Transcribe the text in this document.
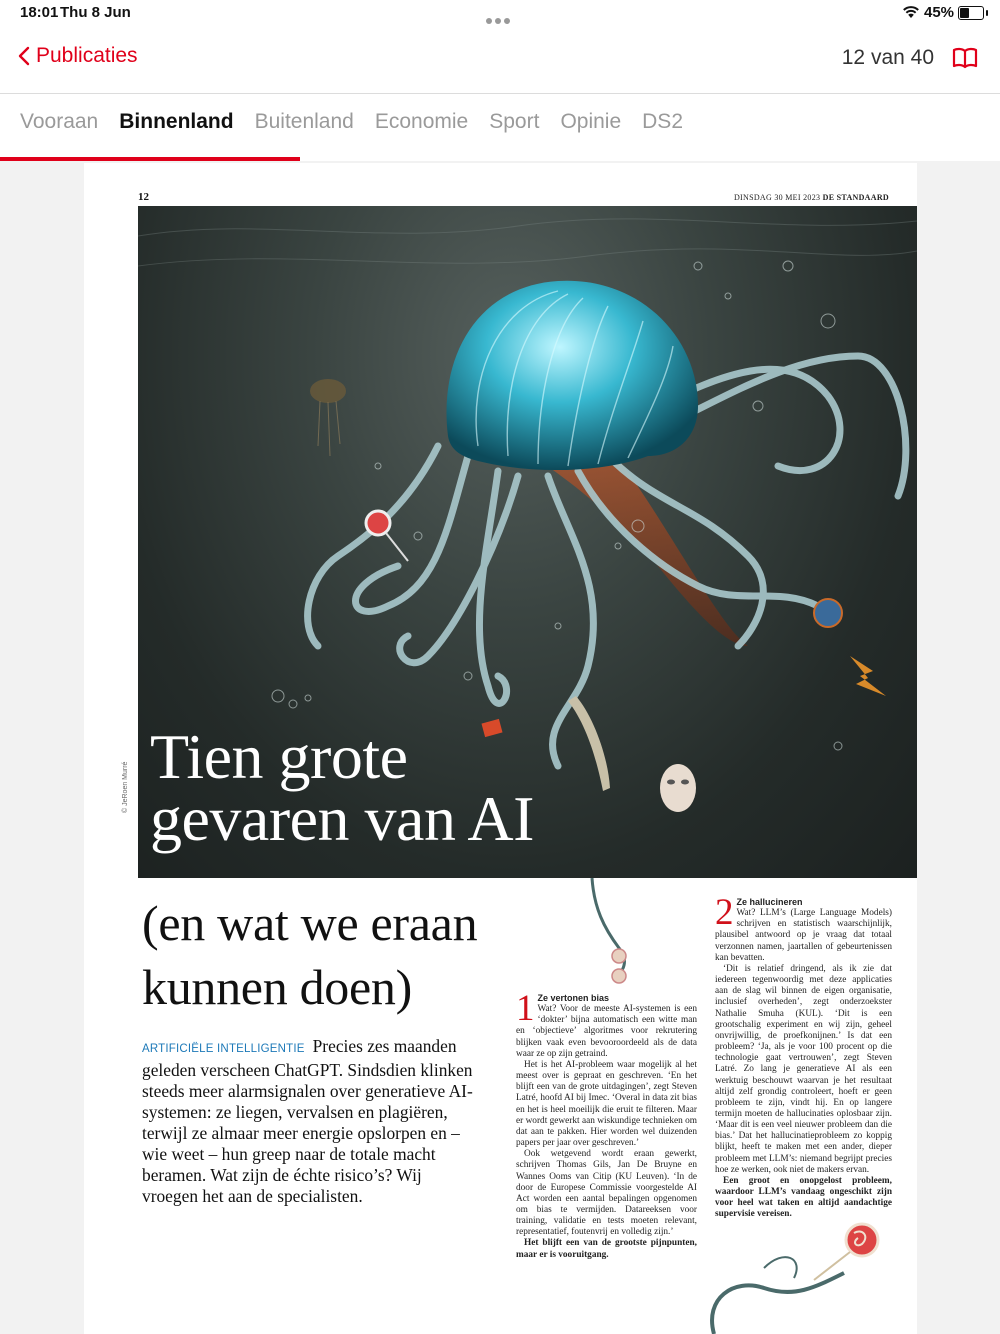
18:01 Thu 8 Jun	45%
Publicaties	12 van 40
Vooraan Binnenland Buitenland Economie Sport Opinie DS2
12	DINSDAG 30 MEI 2023 DE STANDAARD
Tien grote
gevaren van AI
© JeRoen Murré
(en wat we eraan
kunnen doen)
ARTIFICIËLE INTELLIGENTIE Precies zes maanden geleden verscheen ChatGPT. Sindsdien klinken steeds meer alarmsignalen over generatieve AI-systemen: ze liegen, vervalsen en plagiëren, terwijl ze almaar meer energie opslorpen en – wie weet – hun greep naar de totale macht beramen. Wat zijn de échte risico’s? Wij vroegen het aan de specialisten.
1 Ze vertonen bias

Wat? Voor de meeste AI-systemen is een ‘dokter’ bijna automatisch een witte man en ‘objectieve’ algoritmes voor rekrutering blijken vaak even bevooroordeeld als de data waar ze op zijn getraind.

Het is het AI-probleem waar mogelijk al het meest over is gepraat en geschreven. ‘En het blijft een van de grote uitdagingen’, zegt Steven Latré, hoofd AI bij Imec. ‘Overal in data zit bias en het is heel moeilijk die eruit te filteren. Maar er wordt gewerkt aan wiskundige technieken om dat aan te pakken. Hier worden wel duizenden papers per jaar over geschreven.’

Ook wetgevend wordt eraan gewerkt, schrijven Thomas Gils, Jan De Bruyne en Wannes Ooms van Citip (KU Leuven). ‘In de door de Europese Commissie voorgestelde AI Act worden een aantal bepalingen opgenomen om bias te vermijden. Datareeksen voor training, validatie en tests moeten relevant, representatief, foutenvrij en volledig zijn.’

Het blijft een van de grootste pijnpunten, maar er is vooruitgang.

2 Ze hallucineren

Wat? LLM’s (Large Language Models) schrijven en statistisch waarschijnlijk, plausibel antwoord op je vraag dat totaal verzonnen namen, jaartallen of gebeurtenissen kan bevatten.

‘Dit is relatief dringend, als ik zie dat iedereen tegenwoordig met deze applicaties aan de slag wil binnen de eigen organisatie, inclusief overheden’, zegt onderzoekster Nathalie Smuha (KUL). ‘Dit is een grootschalig experiment en wij zijn, geheel onvrijwillig, de proefkonijnen.’ Is dat een probleem? ‘Ja, als je voor 100 procent op die technologie gaat vertrouwen’, zegt Steven Latré. Zo lang je generatieve AI als een werktuig beschouwt waarvan je het resultaat altijd zelf grondig controleert, hoeft er geen probleem te zijn, vindt hij. En op langere termijn moeten de hallucinaties oplosbaar zijn. ‘Maar dit is een veel nieuwer probleem dan die bias.’ Dat het hallucinatieprobleem zo koppig blijkt, heeft te maken met een ander, dieper probleem met LLM’s: niemand begrijpt precies hoe ze werken, ook niet de makers ervan.

Een groot en onopgelost probleem, waardoor LLM’s vandaag ongeschikt zijn voor heel wat taken en altijd aandachtige supervisie vereisen.
